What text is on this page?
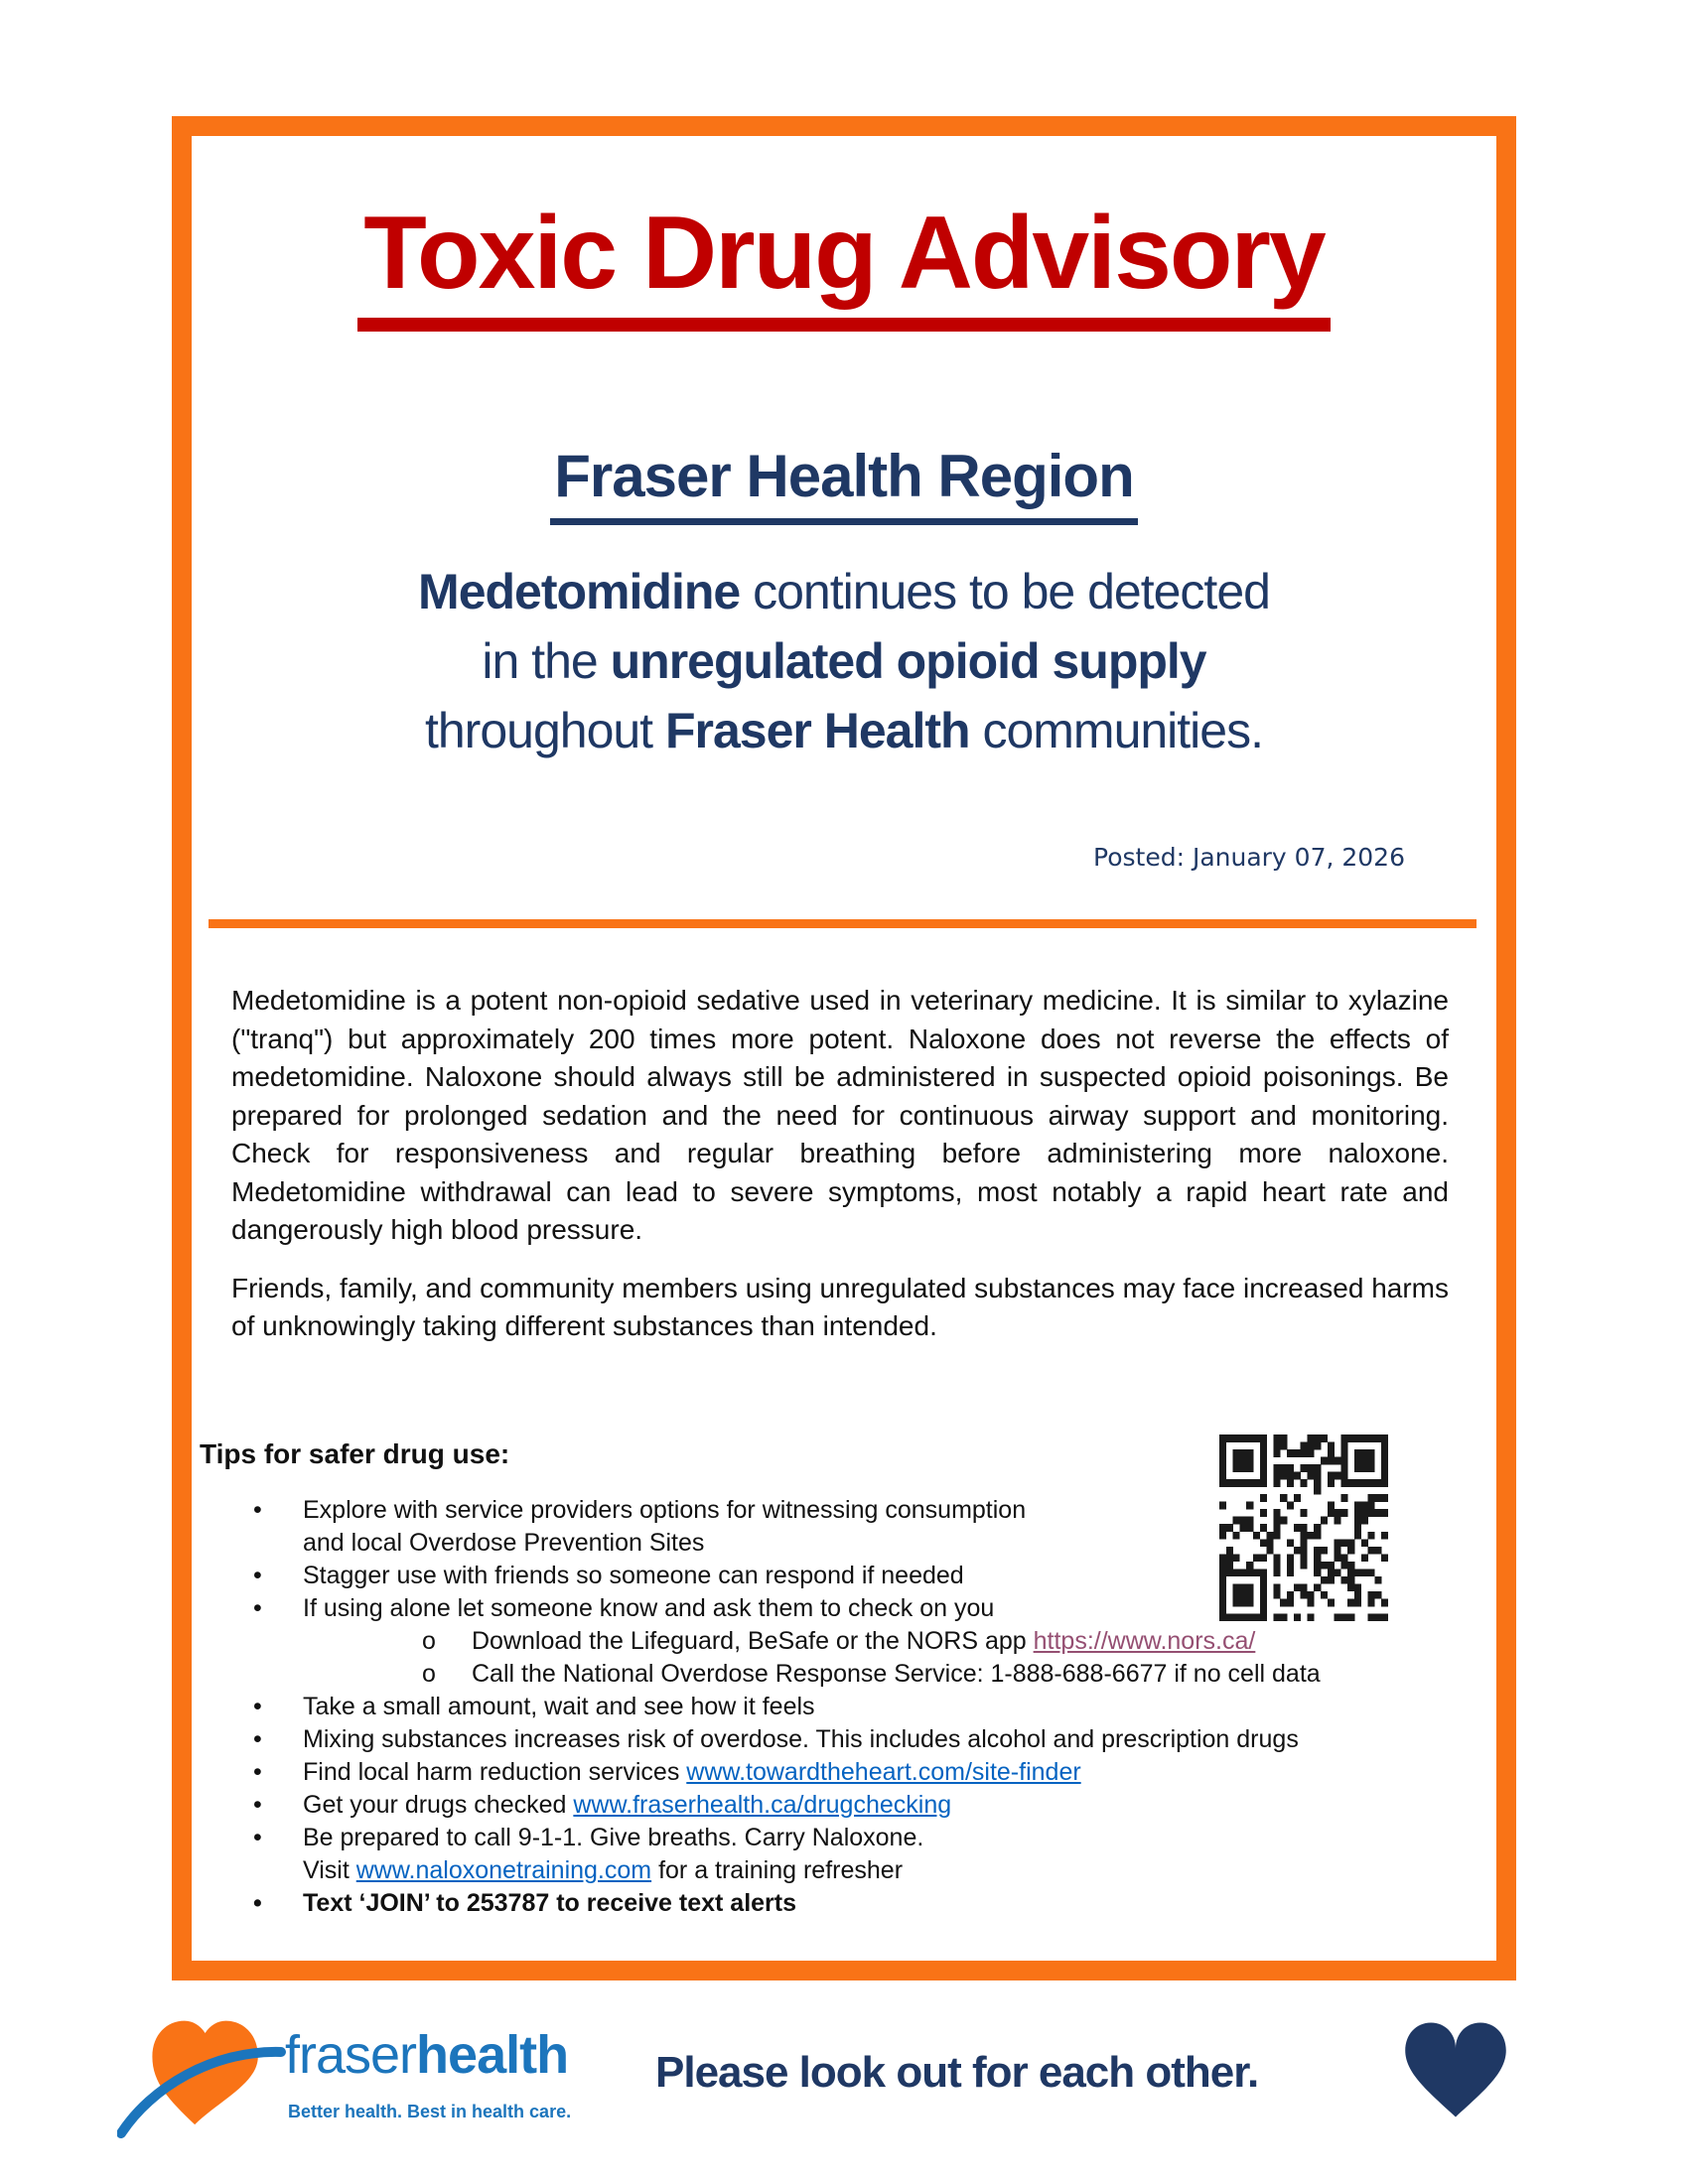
Toxic Drug Advisory
Fraser Health Region
Medetomidine continues to be detected
in the unregulated opioid supply
throughout Fraser Health communities.
Posted: January 07, 2026

Medetomidine is a potent non-opioid sedative used in veterinary medicine. It is similar to xylazine ("tranq") but approximately 200 times more potent. Naloxone does not reverse the effects of medetomidine. Naloxone should always still be administered in suspected opioid poisonings. Be prepared for prolonged sedation and the need for continuous airway support and monitoring. Check for responsiveness and regular breathing before administering more naloxone. Medetomidine withdrawal can lead to severe symptoms, most notably a rapid heart rate and dangerously high blood pressure.

Friends, family, and community members using unregulated substances may face increased harms of unknowingly taking different substances than intended.

Tips for safer drug use:
• Explore with service providers options for witnessing consumption
and local Overdose Prevention Sites
• Stagger use with friends so someone can respond if needed
• If using alone let someone know and ask them to check on you
o Download the Lifeguard, BeSafe or the NORS app https://www.nors.ca/
o Call the National Overdose Response Service: 1-888-688-6677 if no cell data
• Take a small amount, wait and see how it feels
• Mixing substances increases risk of overdose. This includes alcohol and prescription drugs
• Find local harm reduction services www.towardtheheart.com/site-finder
• Get your drugs checked www.fraserhealth.ca/drugchecking
• Be prepared to call 9-1-1. Give breaths. Carry Naloxone.
Visit www.naloxonetraining.com for a training refresher
• Text ‘JOIN’ to 253787 to receive text alerts
fraserhealth
Better health. Best in health care.
Please look out for each other.
